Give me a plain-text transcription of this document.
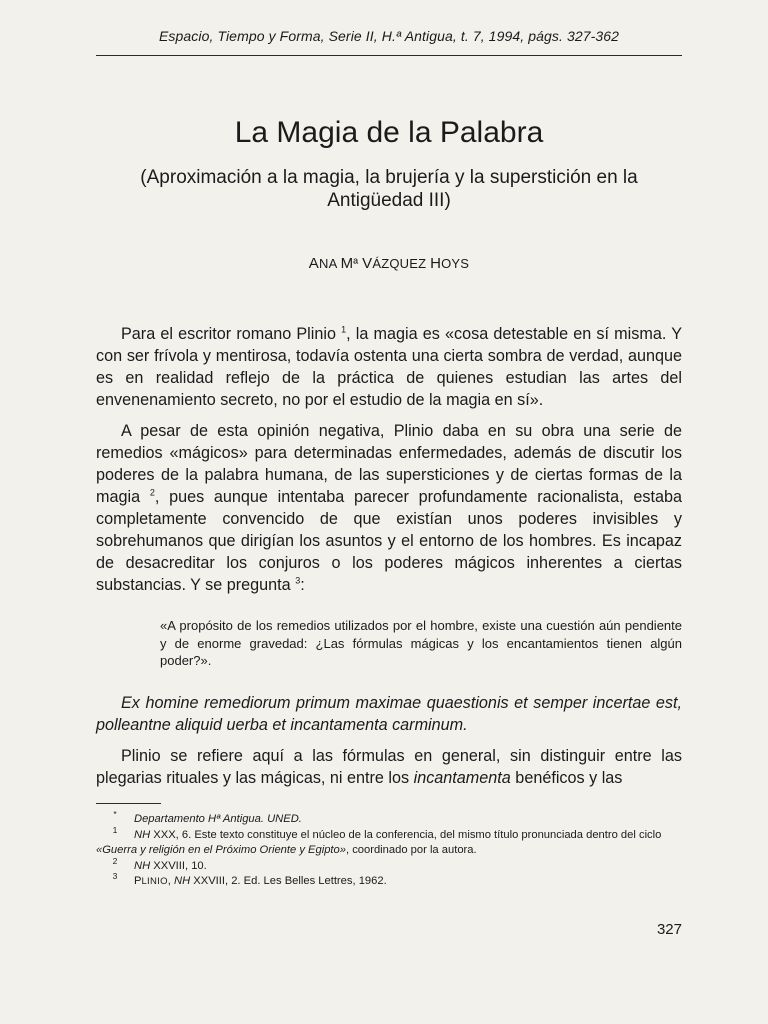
Espacio, Tiempo y Forma, Serie II, H.ª Antigua, t. 7, 1994, págs. 327-362
La Magia de la Palabra

(Aproximación a la magia, la brujería y la superstición en la Antigüedad III)

ANA Mª VÁZQUEZ HOYS

Para el escritor romano Plinio $^1$, la magia es «cosa detestable en sí misma. Y con ser frívola y mentirosa, todavía ostenta una cierta sombra de verdad, aunque es en realidad reflejo de la práctica de quienes estudian las artes del envenenamiento secreto, no por el estudio de la magia en sí».

A pesar de esta opinión negativa, Plinio daba en su obra una serie de remedios «mágicos» para determinadas enfermedades, además de discutir los poderes de la palabra humana, de las supersticiones y de ciertas formas de la magia $^2$, pues aunque intentaba parecer profundamente racionalista, estaba completamente convencido de que existían unos poderes invisibles y sobrehumanos que dirigían los asuntos y el entorno de los hombres. Es incapaz de desacreditar los conjuros o los poderes mágicos inherentes a ciertas substancias. Y se pregunta $^3$:

«A propósito de los remedios utilizados por el hombre, existe una cuestión aún pendiente y de enorme gravedad: ¿Las fórmulas mágicas y los encantamientos tienen algún poder?».

Ex homine remediorum primum maximae quaestionis et semper incertae est, polleantne aliquid uerba et incantamenta carminum.

Plinio se refiere aquí a las fórmulas en general, sin distinguir entre las plegarias rituales y las mágicas, ni entre los incantamenta benéficos y las

* Departamento Hª Antigua. UNED.

1 NH XXX, 6. Este texto constituye el núcleo de la conferencia, del mismo título pronunciada dentro del ciclo «Guerra y religión en el Próximo Oriente y Egipto», coordinado por la autora.

2 NH XXVIII, 10.

3 PLINIO, NH XXVIII, 2. Ed. Les Belles Lettres, 1962.

327
